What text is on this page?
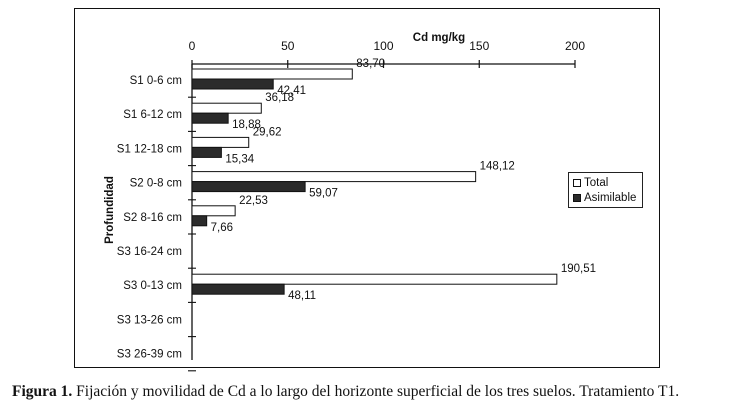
0	50	100	150	200
S1 0-6 cm
S1 6-12 cm
S1 12-18 cm
S2 0-8 cm
S2 8-16 cm
S3 16-24 cm
S3 0-13 cm
S3 13-26 cm
S3 26-39 cm
83,70
36,18
29,62
148,12
22,53
190,51
42,41
18,88
15,34
59,07
7,66
48,11
Cd mg/kg
Profundidad	Total
Asimilable
Figura 1. Fijación y movilidad de Cd a lo largo del horizonte superficial de los tres suelos. Tratamiento T1.
